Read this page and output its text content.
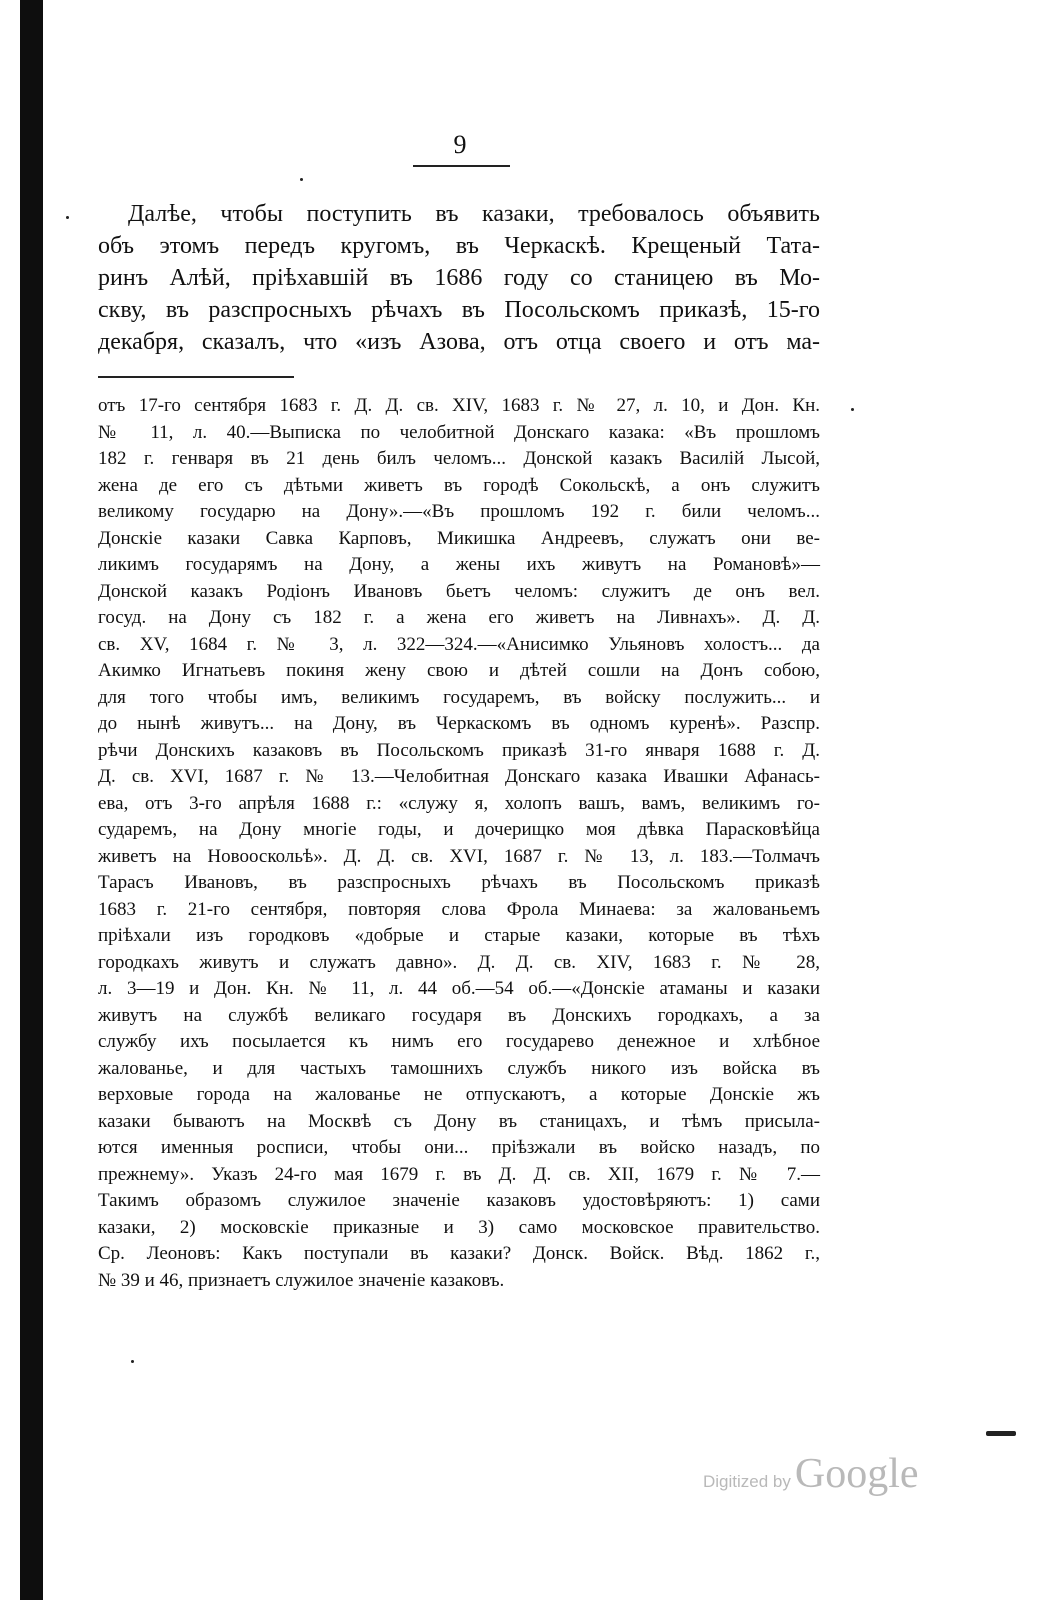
9

Далѣе, чтобы поступить въ казаки, требовалось объявить

объ этомъ передъ кругомъ, въ Черкаскѣ. Крещеный Тата-

ринъ Алѣй, пріѣхавшій въ 1686 году со станицею въ Мо-

скву, въ разспросныхъ рѣчахъ въ Посольскомъ приказѣ, 15-го

декабря, сказалъ, что «изъ Азова, отъ отца своего и отъ ма-

отъ 17-го сентября 1683 г. Д. Д. св. XIV, 1683 г. № 27, л. 10, и Дон. Кн.

№ 11, л. 40.—Выписка по челобитной Донскаго казака: «Въ прошломъ

182 г. генваря въ 21 день билъ челомъ... Донской казакъ Василій Лысой,

жена де его съ дѣтьми живетъ въ городѣ Сокольскѣ, а онъ служитъ

великому государю на Дону».—«Въ прошломъ 192 г. били челомъ...

Донскіе казаки Савка Карповъ, Микишка Андреевъ, служатъ они ве-

ликимъ государямъ на Дону, а жены ихъ живутъ на Романовѣ»—

Донской казакъ Родіонъ Ивановъ бьетъ челомъ: служитъ де онъ вел.

госуд. на Дону съ 182 г. а жена его живетъ на Ливнахъ». Д. Д.

св. XV, 1684 г. № 3, л. 322—324.—«Анисимко Ульяновъ холостъ... да

Акимко Игнатьевъ покиня жену свою и дѣтей сошли на Донъ собою,

для того чтобы имъ, великимъ государемъ, въ войску послужить... и

до нынѣ живутъ... на Дону, въ Черкаскомъ въ одномъ куренѣ». Разспр.

рѣчи Донскихъ казаковъ въ Посольскомъ приказѣ 31-го января 1688 г. Д.

Д. св. XVI, 1687 г. № 13.—Челобитная Донскаго казака Ивашки Афанась-

ева, отъ 3-го апрѣля 1688 г.: «служу я, холопъ вашъ, вамъ, великимъ го-

сударемъ, на Дону многіе годы, и дочерищко моя дѣвка Парасковѣйца

живетъ на Новооскольѣ». Д. Д. св. XVI, 1687 г. № 13, л. 183.—Толмачъ

Тарасъ Ивановъ, въ разспросныхъ рѣчахъ въ Посольскомъ приказѣ

1683 г. 21-го сентября, повторяя слова Фрола Минаева: за жалованьемъ

пріѣхали изъ городковъ «добрые и старые казаки, которые въ тѣхъ

городкахъ живутъ и служатъ давно». Д. Д. св. XIV, 1683 г. № 28,

л. 3—19 и Дон. Кн. № 11, л. 44 об.—54 об.—«Донскіе атаманы и казаки

живутъ на службѣ великаго государя въ Донскихъ городкахъ, а за

службу ихъ посылается къ нимъ его государево денежное и хлѣбное

жалованье, и для частыхъ тамошнихъ службъ никого изъ войска въ

верховые города на жалованье не отпускаютъ, а которые Донскіе жъ

казаки бываютъ на Москвѣ съ Дону въ станицахъ, и тѣмъ присыла-

ются именныя росписи, чтобы они... пріѣзжали въ войско назадъ, по

прежнему». Указъ 24-го мая 1679 г. въ Д. Д. св. XII, 1679 г. № 7.—

Такимъ образомъ служилое значеніе казаковъ удостовѣряютъ: 1) сами

казаки, 2) московскіе приказные и 3) само московское правительство.

Ср. Леоновъ: Какъ поступали въ казаки? Донск. Войск. Вѣд. 1862 г.,

№ 39 и 46, признаетъ служилое значеніе казаковъ.

Digitized byGoogle
